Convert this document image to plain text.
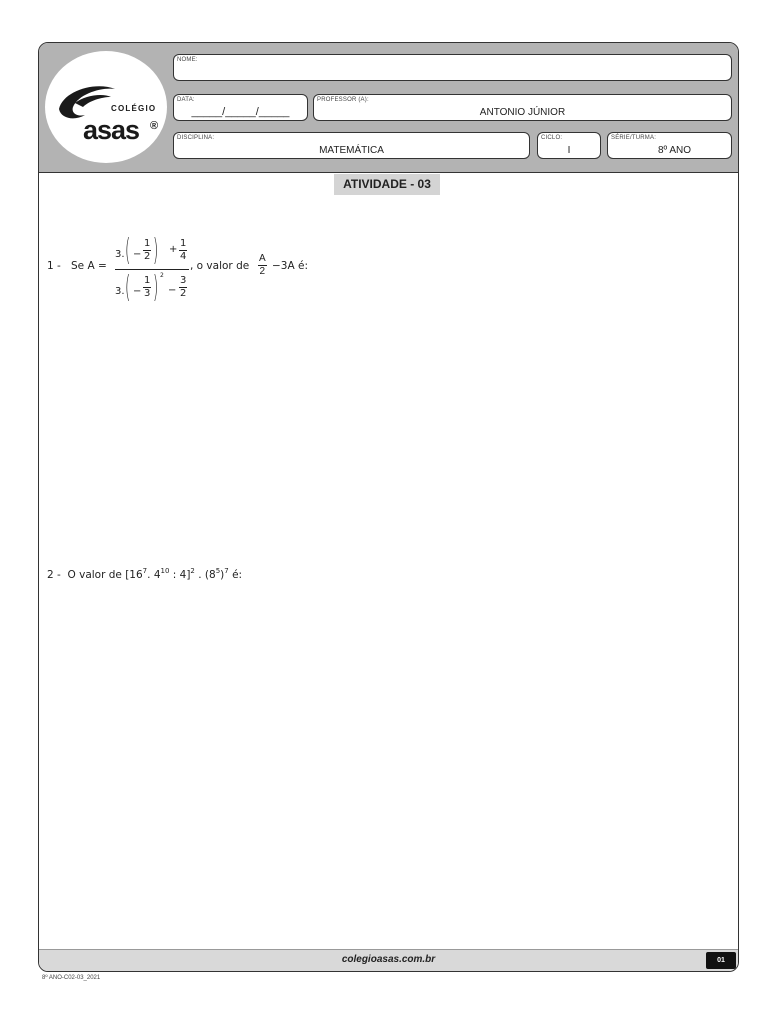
COLÉGIO
asas ®
NOME:
DATA:
_____/_____/_____
PROFESSOR (A):
ANTONIO JÚNIOR
DISCIPLINA:
MATEMÁTICA
CICLO:
I
SÉRIE/TURMA:
8º ANO
ATIVIDADE - 03
1 - Se A =
3. ( − $\frac{1}{2}$ ) + $\frac{1}{4}$
3. ( − $\frac{1}{3}$ ) 2
− $\frac{3}{2}$
, o valor de $\frac{A}{2} -3A$ é:
2 - O valor de [$16^7$. $4^{10}$ : 4]$^2$ . $(8^5)^7$ é:
colegioasas.com.br	01
8º ANO-C02-03_2021
